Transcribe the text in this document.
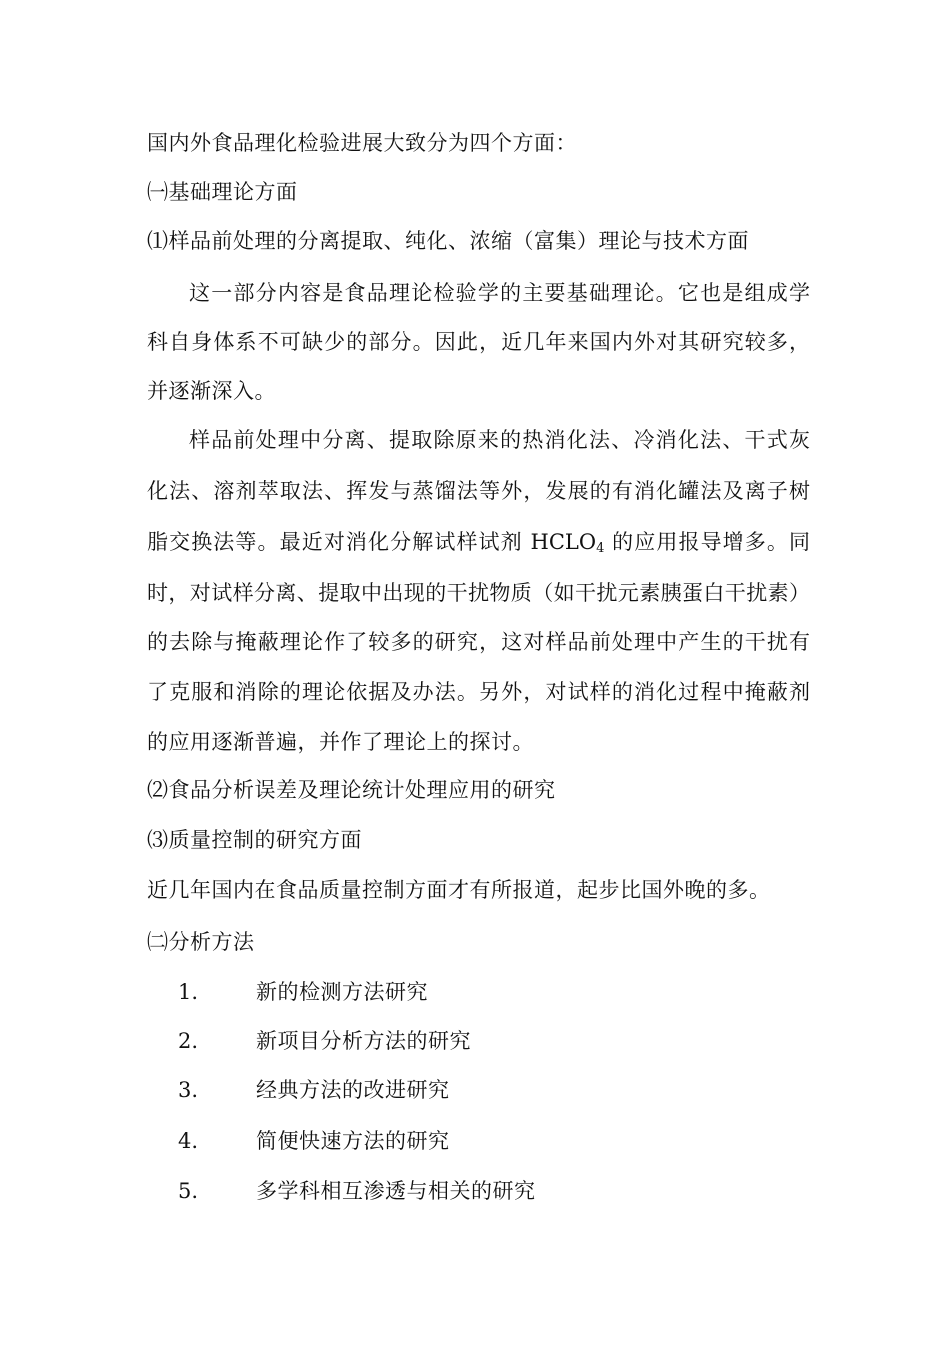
国内外食品理化检验进展大致分为四个方面：
㈠基础理论方面
⑴样品前处理的分离提取、纯化、浓缩（富集）理论与技术方面
这一部分内容是食品理论检验学的主要基础理论。它也是组成学
科自身体系不可缺少的部分。因此，近几年来国内外对其研究较多，
并逐渐深入。
样品前处理中分离、提取除原来的热消化法、冷消化法、干式灰
化法、溶剂萃取法、挥发与蒸馏法等外，发展的有消化罐法及离子树
脂交换法等。最近对消化分解试样试剂 $HCLO_4$ 的应用报导增多。同
时，对试样分离、提取中出现的干扰物质（如干扰元素胰蛋白干扰素）
的去除与掩蔽理论作了较多的研究，这对样品前处理中产生的干扰有
了克服和消除的理论依据及办法。另外，对试样的消化过程中掩蔽剂
的应用逐渐普遍，并作了理论上的探讨。
⑵食品分析误差及理论统计处理应用的研究
⑶质量控制的研究方面
近几年国内在食品质量控制方面才有所报道，起步比国外晚的多。
㈡分析方法
1.	新的检测方法研究
2.	新项目分析方法的研究
3.	经典方法的改进研究
4.	简便快速方法的研究
5.	多学科相互渗透与相关的研究
